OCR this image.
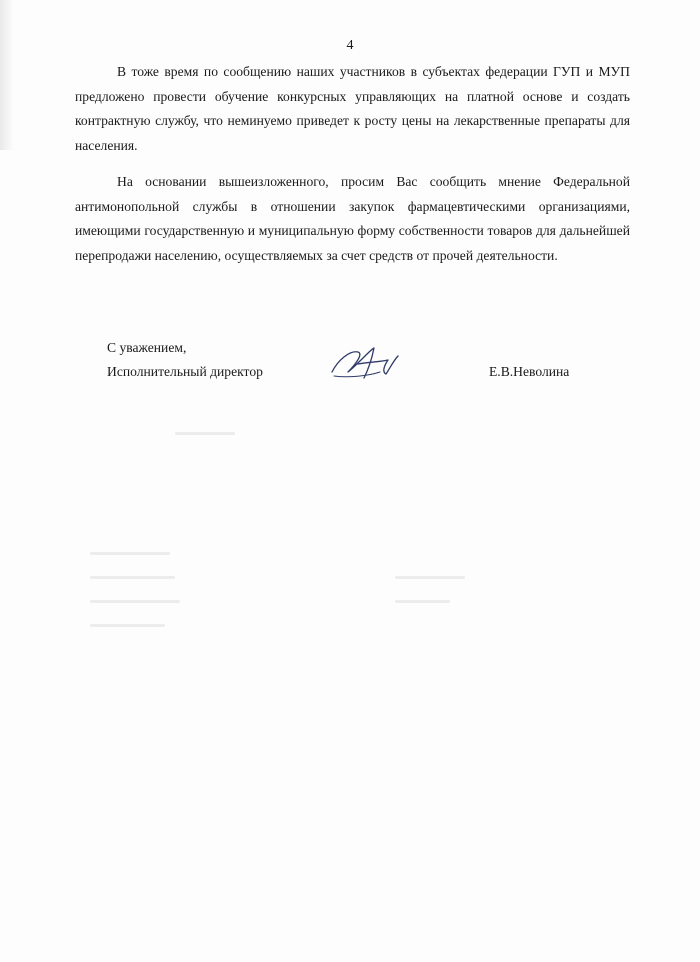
4

В тоже время по сообщению наших участников в субъектах федерации ГУП и МУП предложено провести обучение конкурсных управляющих на платной основе и создать контрактную службу, что неминуемо приведет к росту цены на лекарственные препараты для населения.

На основании вышеизложенного, просим Вас сообщить мнение Федеральной антимонопольной службы в отношении закупок фармацевтическими организациями, имеющими государственную и муниципальную форму собственности товаров для дальнейшей перепродажи населению, осуществляемых за счет средств от прочей деятельности.

С уважением,
Исполнительный директор	Е.В.Неволина
